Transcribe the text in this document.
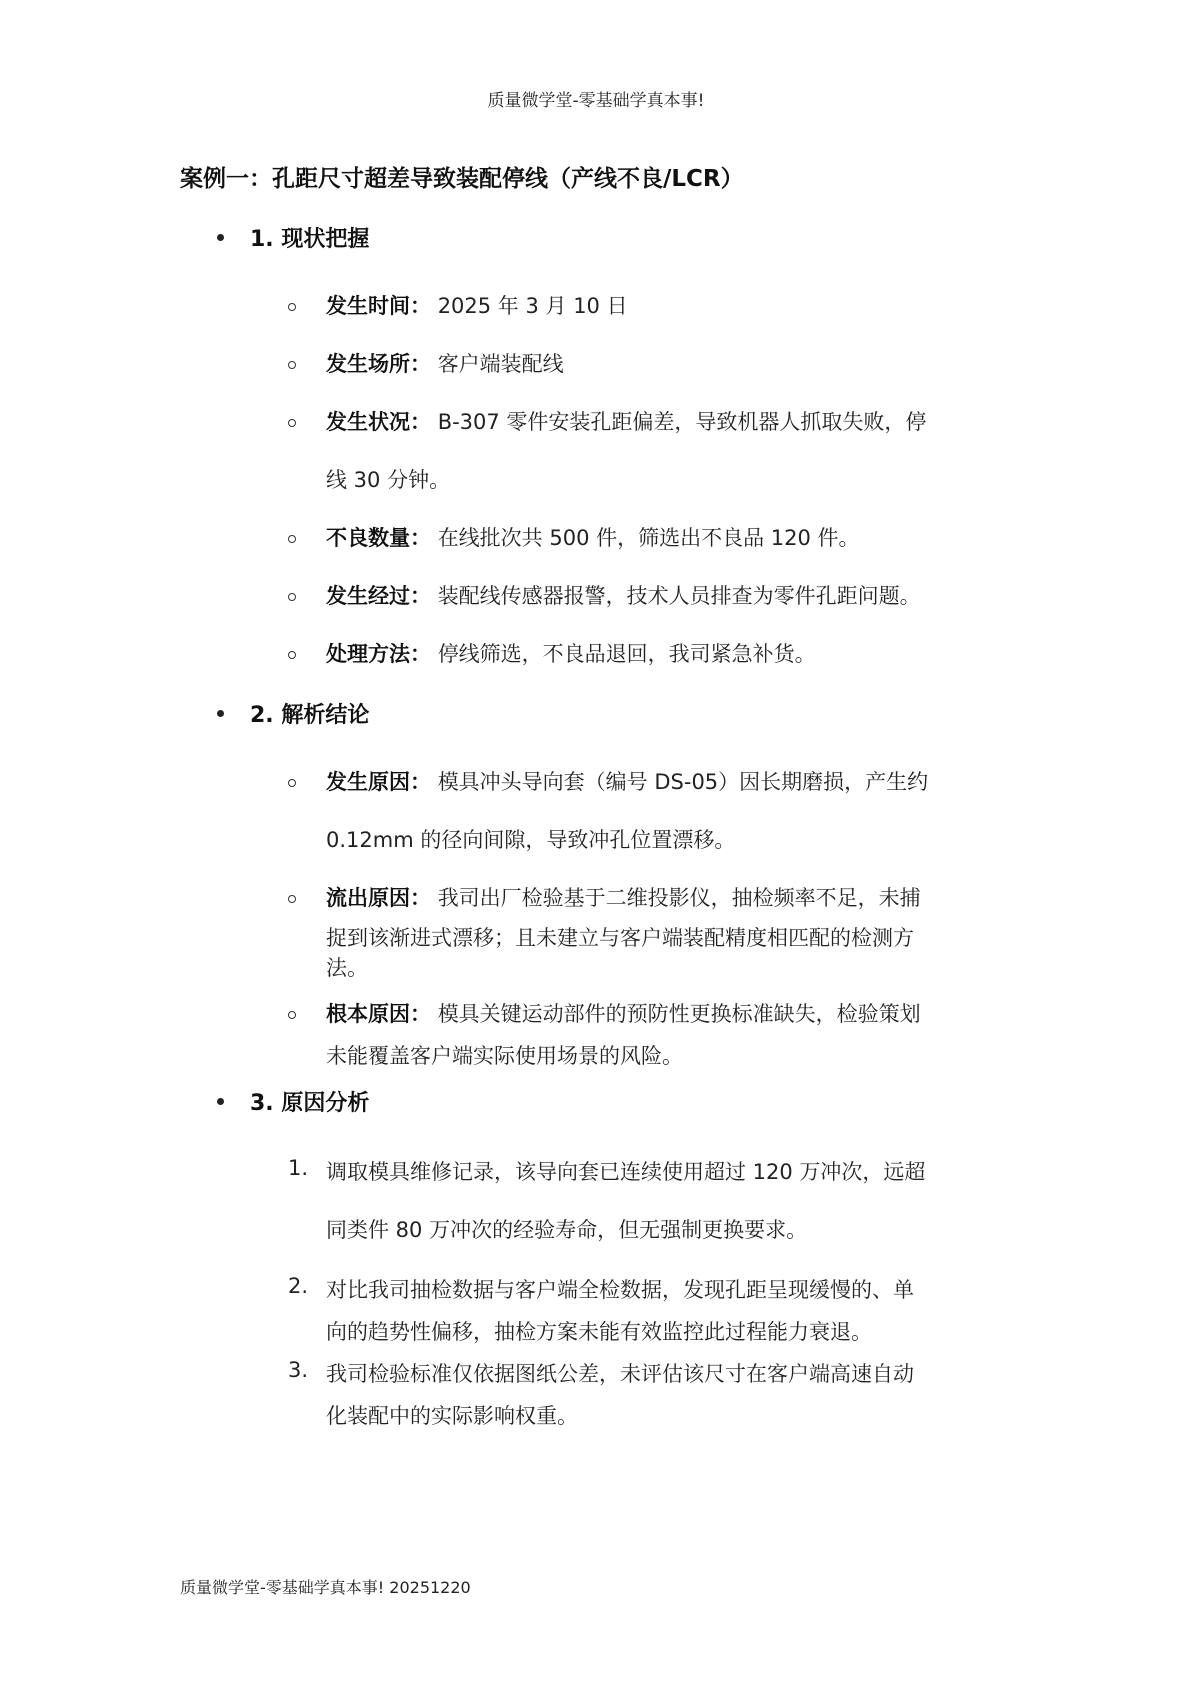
质量微学堂-零基础学真本事!
案例一：孔距尺寸超差导致装配停线（产线不良/LCR）
1. 现状把握
发生时间： 2025 年 3 月 10 日
发生场所： 客户端装配线
发生状况： B-307 零件安装孔距偏差，导致机器人抓取失败，停
线 30 分钟。
不良数量： 在线批次共 500 件，筛选出不良品 120 件。
发生经过： 装配线传感器报警，技术人员排查为零件孔距问题。
处理方法： 停线筛选，不良品退回，我司紧急补货。
2. 解析结论
发生原因： 模具冲头导向套（编号 DS-05）因长期磨损，产生约
0.12mm 的径向间隙，导致冲孔位置漂移。
流出原因： 我司出厂检验基于二维投影仪，抽检频率不足，未捕
捉到该渐进式漂移；且未建立与客户端装配精度相匹配的检测方
法。
根本原因： 模具关键运动部件的预防性更换标准缺失，检验策划
未能覆盖客户端实际使用场景的风险。
3. 原因分析
1. 调取模具维修记录，该导向套已连续使用超过 120 万冲次，远超
同类件 80 万冲次的经验寿命，但无强制更换要求。
2. 对比我司抽检数据与客户端全检数据，发现孔距呈现缓慢的、单
向的趋势性偏移，抽检方案未能有效监控此过程能力衰退。
3. 我司检验标准仅依据图纸公差，未评估该尺寸在客户端高速自动
化装配中的实际影响权重。
质量微学堂-零基础学真本事! 20251220
